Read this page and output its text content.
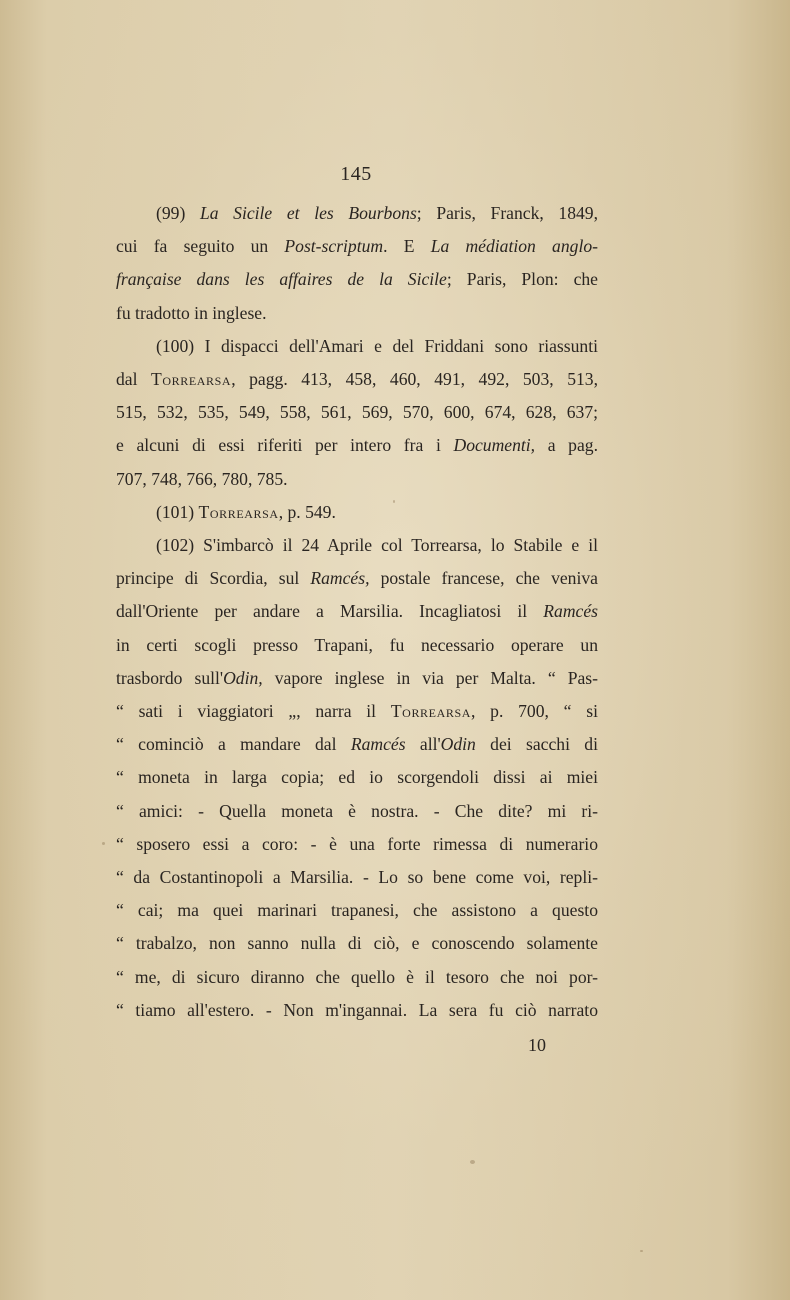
145
(99) La Sicile et les Bourbons; Paris, Franck, 1849,
cui fa seguito un Post-scriptum. E La médiation anglo-
française dans les affaires de la Sicile; Paris, Plon: che
fu tradotto in inglese.
(100) I dispacci dell'Amari e del Friddani sono riassunti
dal Torrearsa, pagg. 413, 458, 460, 491, 492, 503, 513,
515, 532, 535, 549, 558, 561, 569, 570, 600, 674, 628, 637;
e alcuni di essi riferiti per intero fra i Documenti, a pag.
707, 748, 766, 780, 785.
(101) Torrearsa, p. 549.
(102) S'imbarcò il 24 Aprile col Torrearsa, lo Stabile e il
principe di Scordia, sul Ramcés, postale francese, che veniva
dall'Oriente per andare a Marsilia. Incagliatosi il Ramcés
in certi scogli presso Trapani, fu necessario operare un
trasbordo sull'Odin, vapore inglese in via per Malta. “ Pas-
“ sati i viaggiatori „, narra il Torrearsa, p. 700, “ si
“ cominciò a mandare dal Ramcés all'Odin dei sacchi di
“ moneta in larga copia; ed io scorgendoli dissi ai miei
“ amici: - Quella moneta è nostra. - Che dite? mi ri-
“ sposero essi a coro: - è una forte rimessa di numerario
“ da Costantinopoli a Marsilia. - Lo so bene come voi, repli-
“ cai; ma quei marinari trapanesi, che assistono a questo
“ trabalzo, non sanno nulla di ciò, e conoscendo solamente
“ me, di sicuro diranno che quello è il tesoro che noi por-
“ tiamo all'estero. - Non m'ingannai. La sera fu ciò narrato
10
